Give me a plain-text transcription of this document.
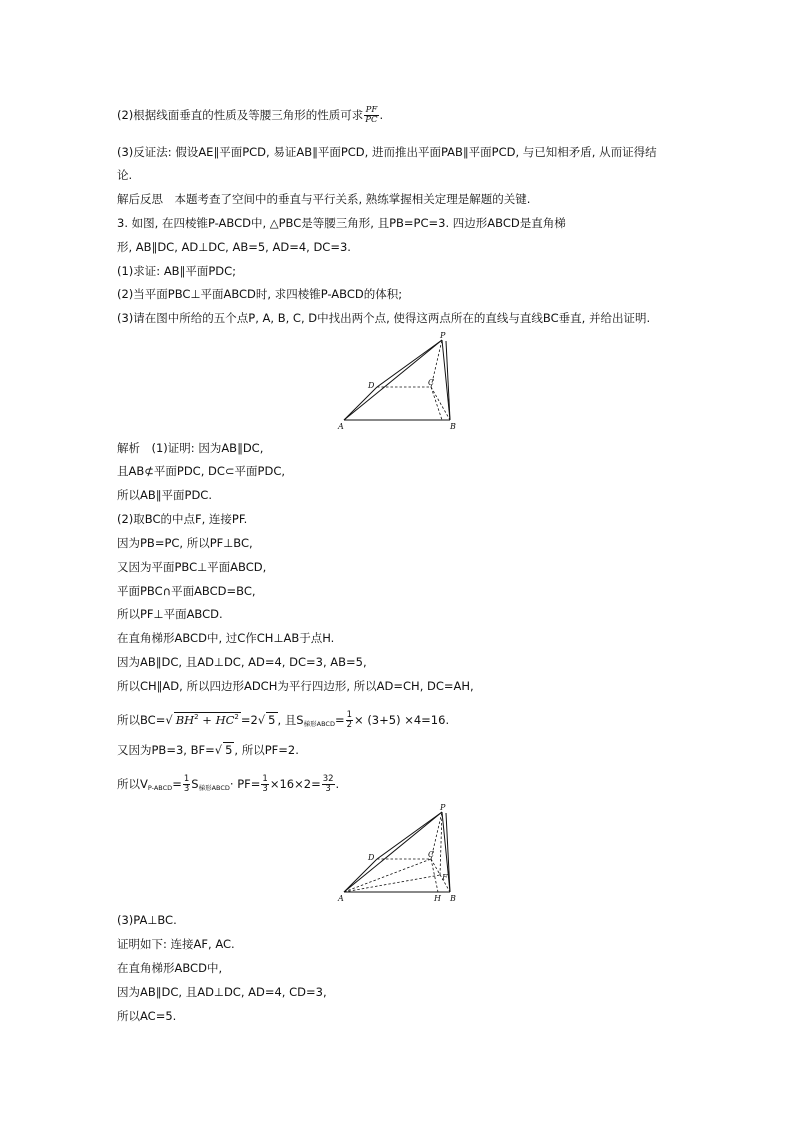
(2)根据线面垂直的性质及等腰三角形的性质可求 $\frac{PF}{PC}$ .
(3)反证法: 假设AE∥平面PCD, 易证AB∥平面PCD, 进而推出平面PAB∥平面PCD, 与已知相矛盾, 从而证得结
论.
解后反思　本题考查了空间中的垂直与平行关系, 熟练掌握相关定理是解题的关键.
3. 如图, 在四棱锥P-ABCD中, △PBC是等腰三角形, 且PB=PC=3. 四边形ABCD是直角梯
形, AB∥DC, AD⊥DC, AB=5, AD=4, DC=3.
(1)求证: AB∥平面PDC;
(2)当平面PBC⊥平面ABCD时, 求四棱锥P-ABCD的体积;
(3)请在图中所给的五个点P, A, B, C, D中找出两个点, 使得这两点所在的直线与直线BC垂直, 并给出证明.
P
D	C
A	B
解析　(1)证明: 因为AB∥DC,
且AB⊄平面PDC, DC⊂平面PDC,
所以AB∥平面PDC.
(2)取BC的中点F, 连接PF.
因为PB=PC, 所以PF⊥BC,
又因为平面PBC⊥平面ABCD,
平面PBC∩平面ABCD=BC,
所以PF⊥平面ABCD.
在直角梯形ABCD中, 过C作CH⊥AB于点H.
因为AB∥DC, 且AD⊥DC, AD=4, DC=3, AB=5,
所以CH∥AD, 所以四边形ADCH为平行四边形, 所以AD=CH, DC=AH,
所以BC=√ $BH^2 + HC^2 =2√$ 5 , 且$S_{梯形ABCD}= \frac{1}{2} \times (3+5) \times 4=16$.
又因为PB=3, BF=√ 5 , 所以PF=2.
所以$V_{P-ABCD}= \frac{1}{3} S_{梯形ABCD}\cdot PF= \frac{1}{3} \times 16\times 2= \frac{32}{3}$ .
P
D	C
F
A	H B
(3)PA⊥BC.
证明如下: 连接AF, AC.
在直角梯形ABCD中,
因为AB∥DC, 且AD⊥DC, AD=4, CD=3,
所以AC=5.
